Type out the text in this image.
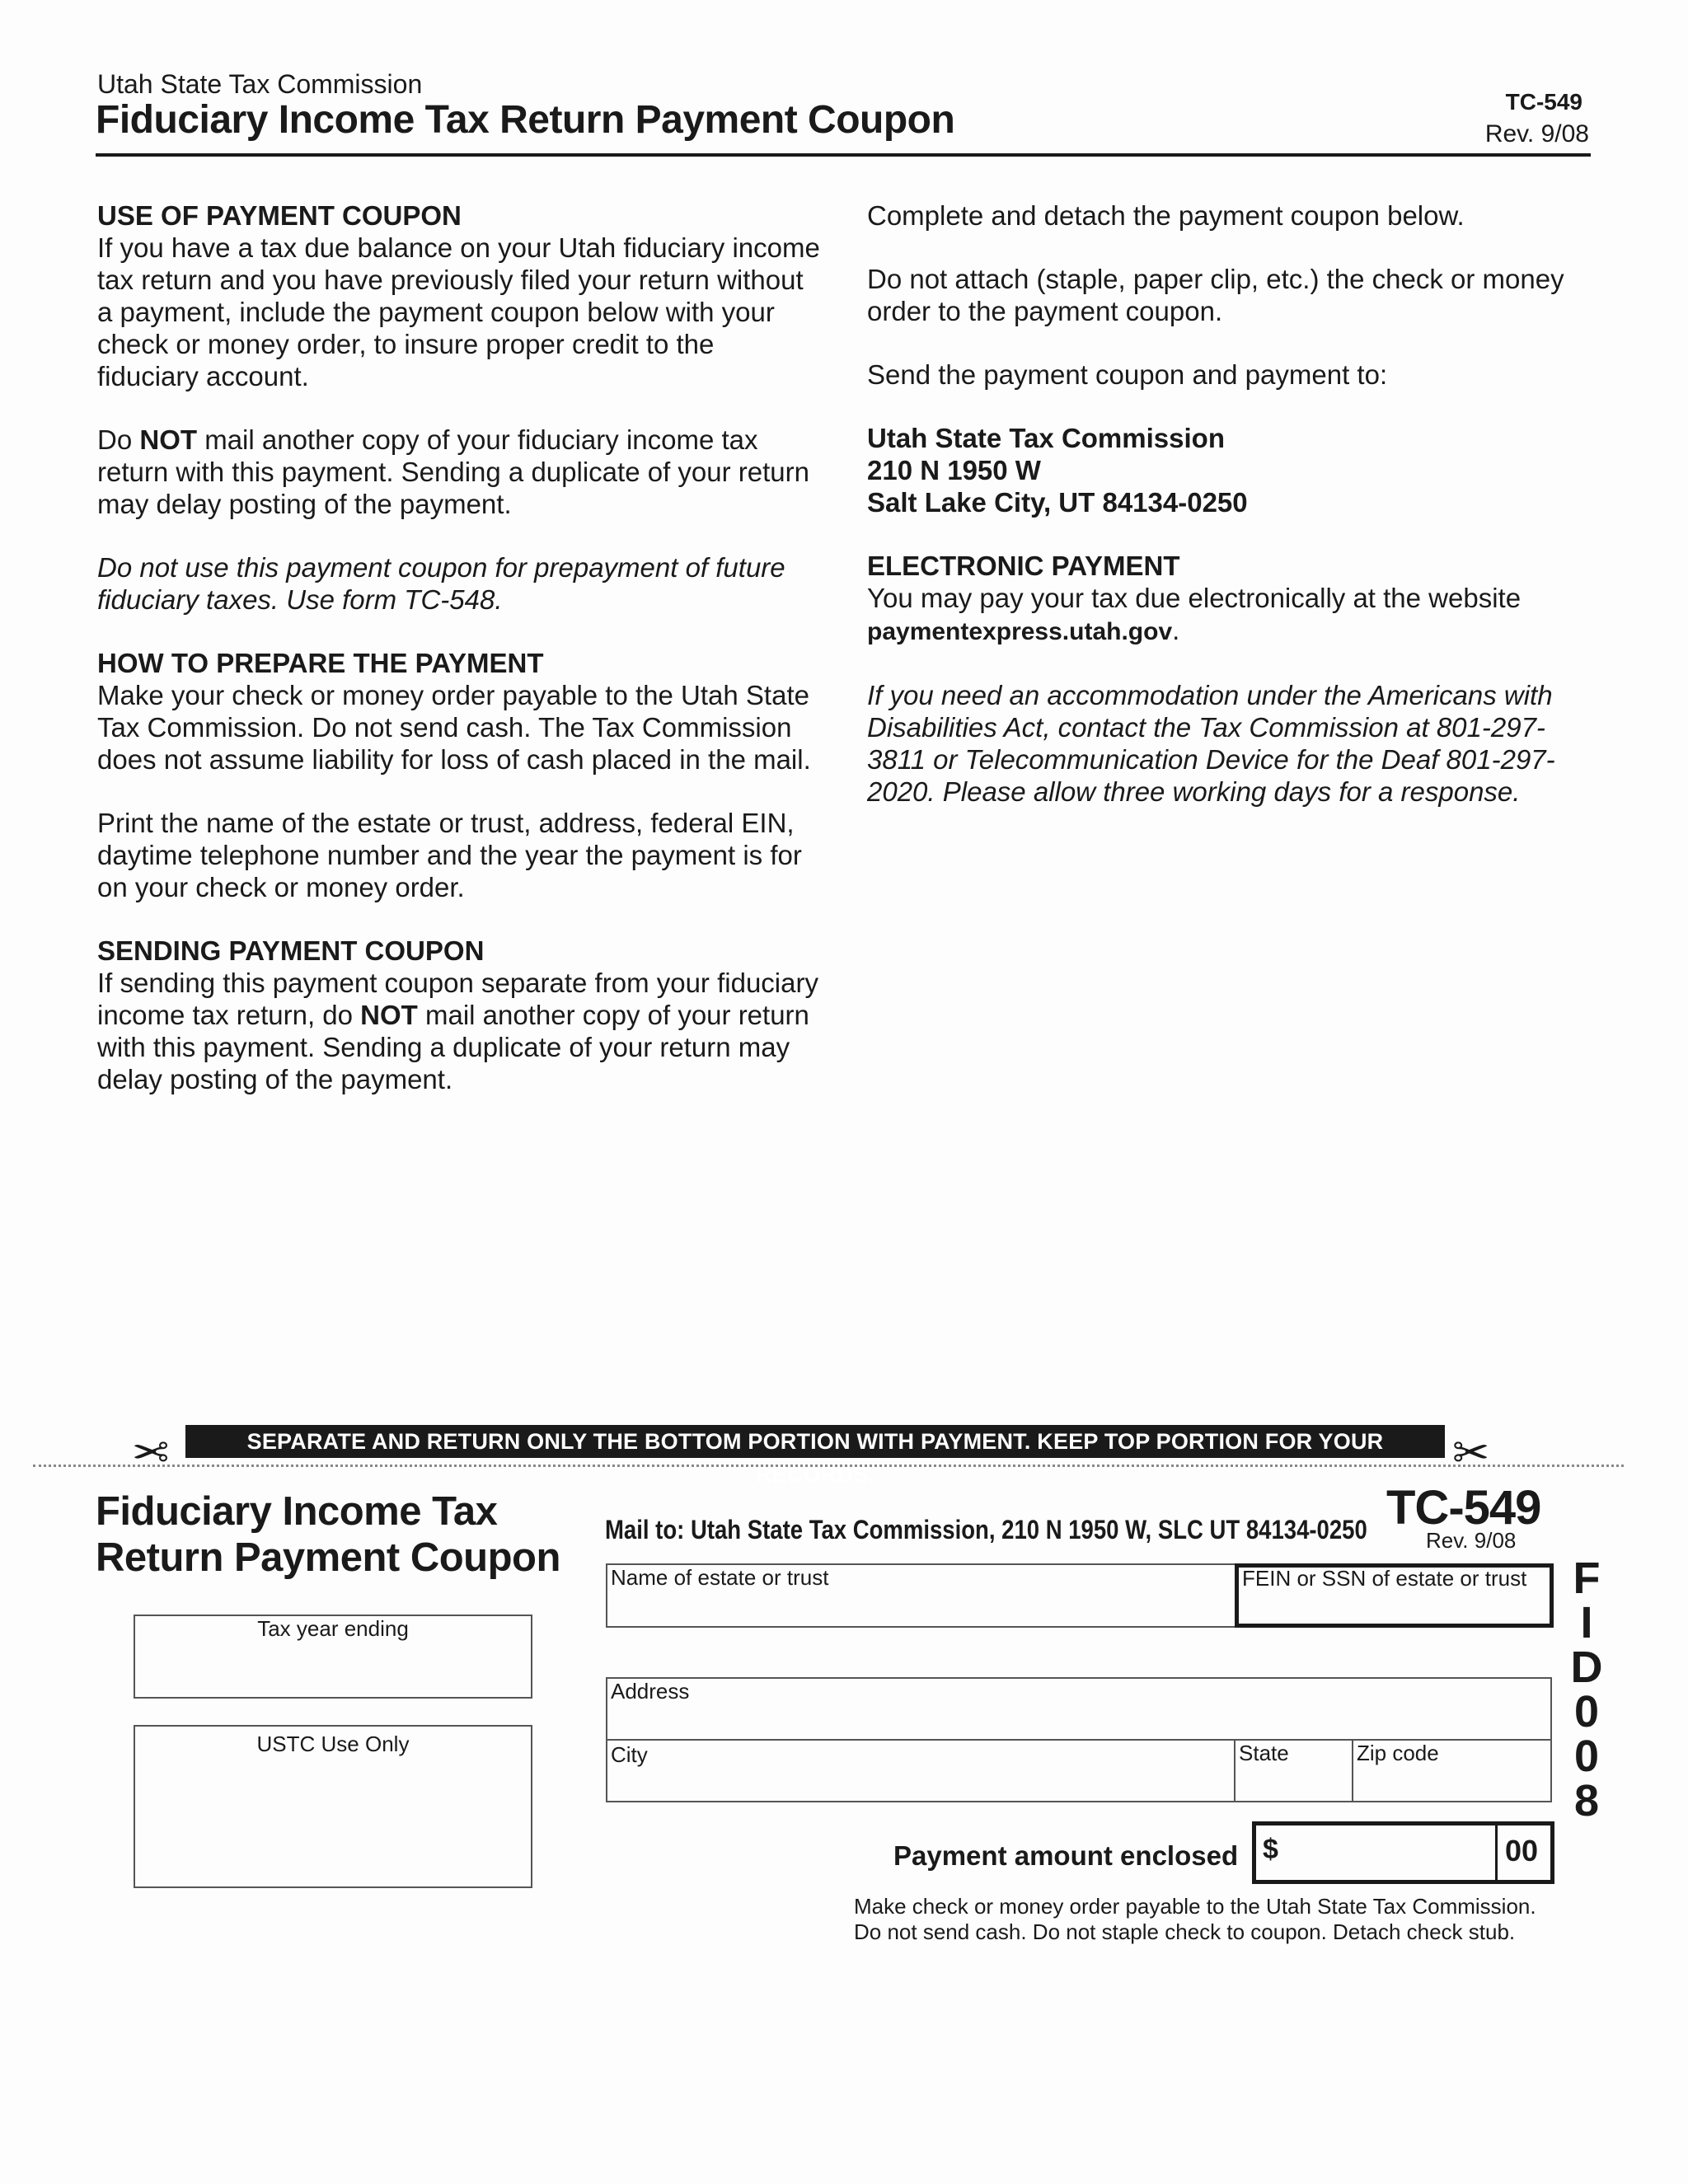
Utah State Tax Commission
Fiduciary Income Tax Return Payment Coupon	TC-549
Rev. 9/08
USE OF PAYMENT COUPON

If you have a tax due balance on your Utah fiduciary income tax return and you have previously filed your return without a payment, include the payment coupon below with your check or money order, to insure proper credit to the fiduciary account.

Do NOT mail another copy of your fiduciary income tax return with this payment. Sending a duplicate of your return may delay posting of the payment.

Do not use this payment coupon for prepayment of future fiduciary taxes. Use form TC-548.

HOW TO PREPARE THE PAYMENT

Make your check or money order payable to the Utah State Tax Commission. Do not send cash. The Tax Commission does not assume liability for loss of cash placed in the mail.

Print the name of the estate or trust, address, federal EIN, daytime telephone number and the year the payment is for on your check or money order.

SENDING PAYMENT COUPON

If sending this payment coupon separate from your fiduciary income tax return, do NOT mail another copy of your return with this payment. Sending a duplicate of your return may delay posting of the payment.

Complete and detach the payment coupon below.

Do not attach (staple, paper clip, etc.) the check or money order to the payment coupon.

Send the payment coupon and payment to:

Utah State Tax Commission
210 N 1950 W
Salt Lake City, UT 84134-0250

ELECTRONIC PAYMENT

You may pay your tax due electronically at the website
paymentexpress.utah.gov.

If you need an accommodation under the Americans with Disabilities Act, contact the Tax Commission at 801-297-3811 or Telecommunication Device for the Deaf 801-297-2020. Please allow three working days for a response.

✂	SEPARATE AND RETURN ONLY THE BOTTOM PORTION WITH PAYMENT. KEEP TOP PORTION FOR YOUR RECORDS.	✂
Fiduciary Income Tax
Return Payment Coupon
Mail to: Utah State Tax Commission, 210 N 1950 W, SLC UT 84134-0250 TC-549
Rev. 9/08
Tax year ending
USTC Use Only
Name of estate or trust	FEIN or SSN of estate or trust
Address
City	State	Zip code
F
I
D
0
0
8
Payment amount enclosed $	00
Make check or money order payable to the Utah State Tax Commission.
Do not send cash. Do not staple check to coupon. Detach check stub.
